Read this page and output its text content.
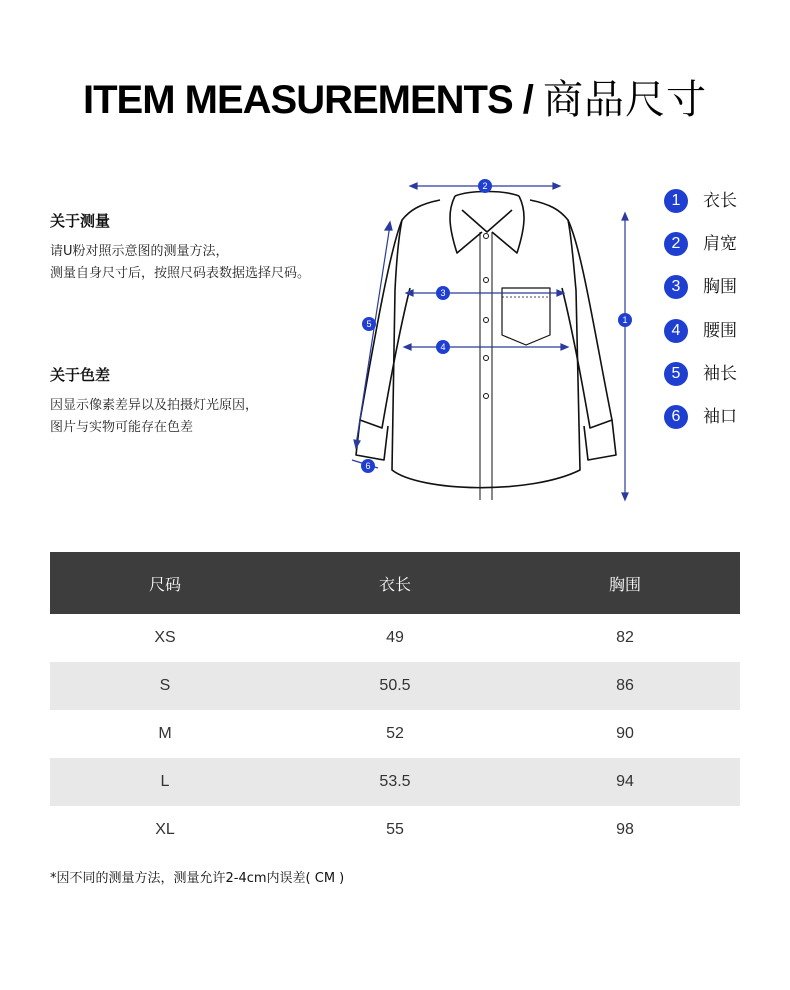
ITEM MEASUREMENTS / 商品尺寸
关于测量

请U粉对照示意图的测量方法，

测量自身尺寸后，按照尺码表数据选择尺码。

关于色差

因显示像素差异以及拍摄灯光原因，

图片与实物可能存在色差

2
1
3
4
5
6
1	衣长
2	肩宽
3	胸围
4	腰围
5	袖长
6	袖口
尺码	衣长	胸围
XS	49	82
S	50.5	86
M	52	90
L	53.5	94
XL	55	98
*因不同的测量方法，测量允许2-4cm内误差( CM )
